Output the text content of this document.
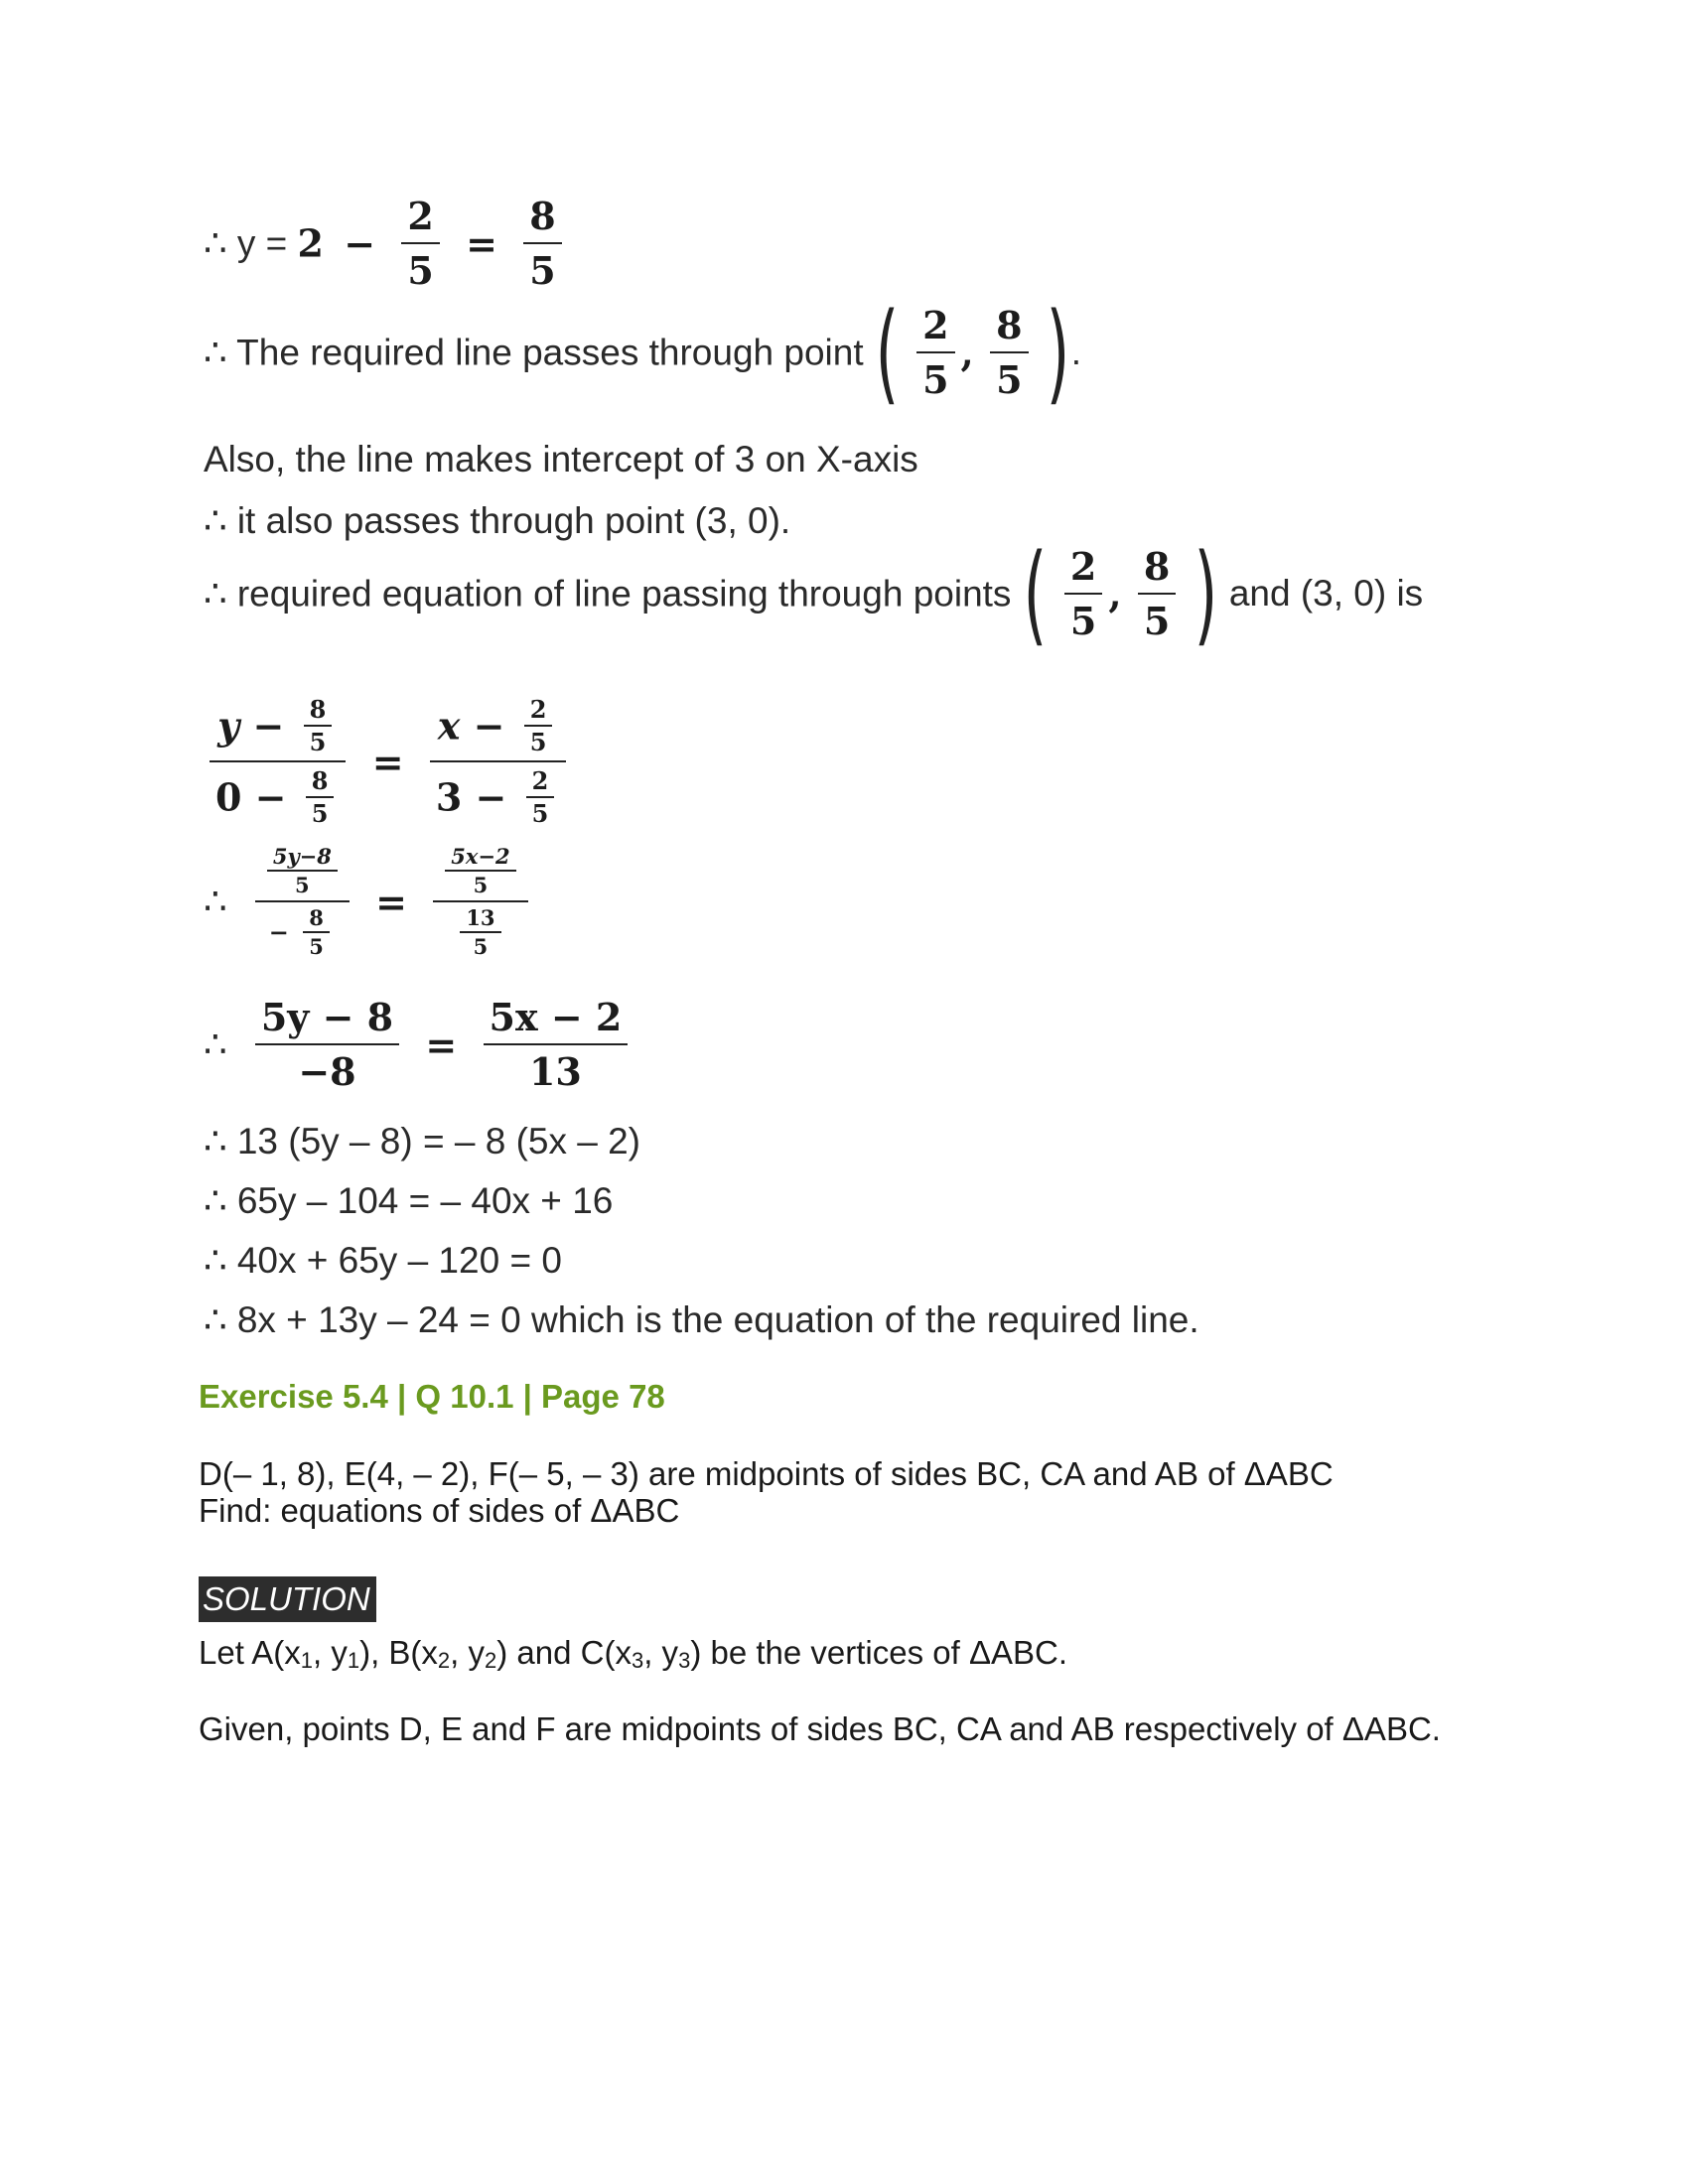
∴ $y = 2 - \frac{2}{5} = \frac{8}{5}$
∴ The required line passes through point ( $\frac{2}{5}$ , $\frac{8}{5}$ ).
Also, the line makes intercept of 3 on X-axis
∴ it also passes through point (3, 0).
∴ required equation of line passing through points ( $\frac{2}{5}$ , $\frac{8}{5}$ ) and (3, 0) is
$\frac{y - \frac{8}{5}}{0 - \frac{8}{5}} = \frac{x - \frac{2}{5}}{3 - \frac{2}{5}}$
∴ $\frac{\frac{5y-8}{5}}{- \frac{8}{5}} = \frac{\frac{5x-2}{5}}{\frac{13}{5}}$
∴ $\frac{5y - 8}{-8} = \frac{5x - 2}{13}$
∴ 13 (5y – 8) = – 8 (5x – 2)
∴ 65y – 104 = – 40x + 16
∴ 40x + 65y – 120 = 0
∴ 8x + 13y – 24 = 0 which is the equation of the required line.
Exercise 5.4 | Q 10.1 | Page 78
D(– 1, 8), E(4, – 2), F(– 5, – 3) are midpoints of sides BC, CA and AB of ΔABC
Find: equations of sides of ΔABC
SOLUTION
Let $A(x_1$, $y_1$), $B(x_2$, $y_2$) and $C(x_3$, $y_3$) be the vertices of ΔABC.
Given, points D, E and F are midpoints of sides BC, CA and AB respectively of ΔABC.
